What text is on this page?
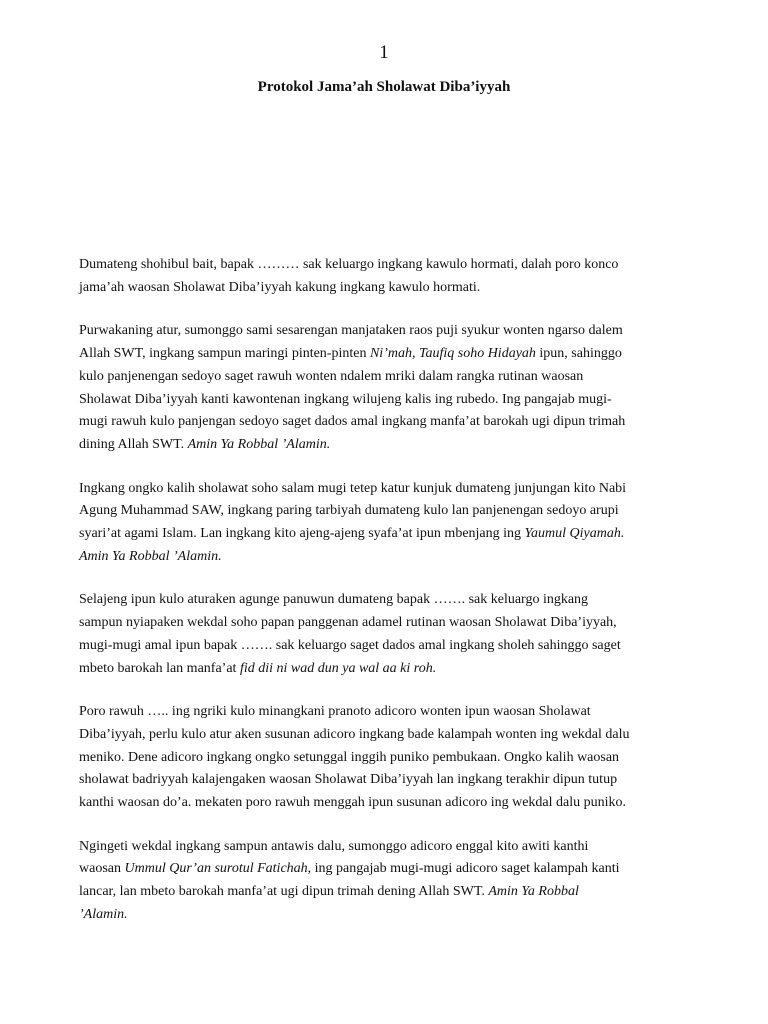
1
Protokol Jama’ah Sholawat Diba’iyyah

Dumateng shohibul bait, bapak ……… sak keluargo ingkang kawulo hormati, dalah poro konco
jama’ah waosan Sholawat Diba’iyyah kakung ingkang kawulo hormati.

Purwakaning atur, sumonggo sami sesarengan manjataken raos puji syukur wonten ngarso dalem
Allah SWT, ingkang sampun maringi pinten-pinten Ni’mah, Taufiq soho Hidayah ipun, sahinggo
kulo panjenengan sedoyo saget rawuh wonten ndalem mriki dalam rangka rutinan waosan
Sholawat Diba’iyyah kanti kawontenan ingkang wilujeng kalis ing rubedo. Ing pangajab mugi-
mugi rawuh kulo panjengan sedoyo saget dados amal ingkang manfa’at barokah ugi dipun trimah
dining Allah SWT. Amin Ya Robbal ’Alamin.

Ingkang ongko kalih sholawat soho salam mugi tetep katur kunjuk dumateng junjungan kito Nabi
Agung Muhammad SAW, ingkang paring tarbiyah dumateng kulo lan panjenengan sedoyo arupi
syari’at agami Islam. Lan ingkang kito ajeng-ajeng syafa’at ipun mbenjang ing Yaumul Qiyamah.
Amin Ya Robbal ’Alamin.

Selajeng ipun kulo aturaken agunge panuwun dumateng bapak ……. sak keluargo ingkang
sampun nyiapaken wekdal soho papan panggenan adamel rutinan waosan Sholawat Diba’iyyah,
mugi-mugi amal ipun bapak ……. sak keluargo saget dados amal ingkang sholeh sahinggo saget
mbeto barokah lan manfa’at fid dii ni wad dun ya wal aa ki roh.

Poro rawuh ….. ing ngriki kulo minangkani pranoto adicoro wonten ipun waosan Sholawat
Diba’iyyah, perlu kulo atur aken susunan adicoro ingkang bade kalampah wonten ing wekdal dalu
meniko. Dene adicoro ingkang ongko setunggal inggih puniko pembukaan. Ongko kalih waosan
sholawat badriyyah kalajengaken waosan Sholawat Diba’iyyah lan ingkang terakhir dipun tutup
kanthi waosan do’a. mekaten poro rawuh menggah ipun susunan adicoro ing wekdal dalu puniko.

Ngingeti wekdal ingkang sampun antawis dalu, sumonggo adicoro enggal kito awiti kanthi
waosan Ummul Qur’an surotul Fatichah, ing pangajab mugi-mugi adicoro saget kalampah kanti
lancar, lan mbeto barokah manfa’at ugi dipun trimah dening Allah SWT. Amin Ya Robbal
’Alamin.
